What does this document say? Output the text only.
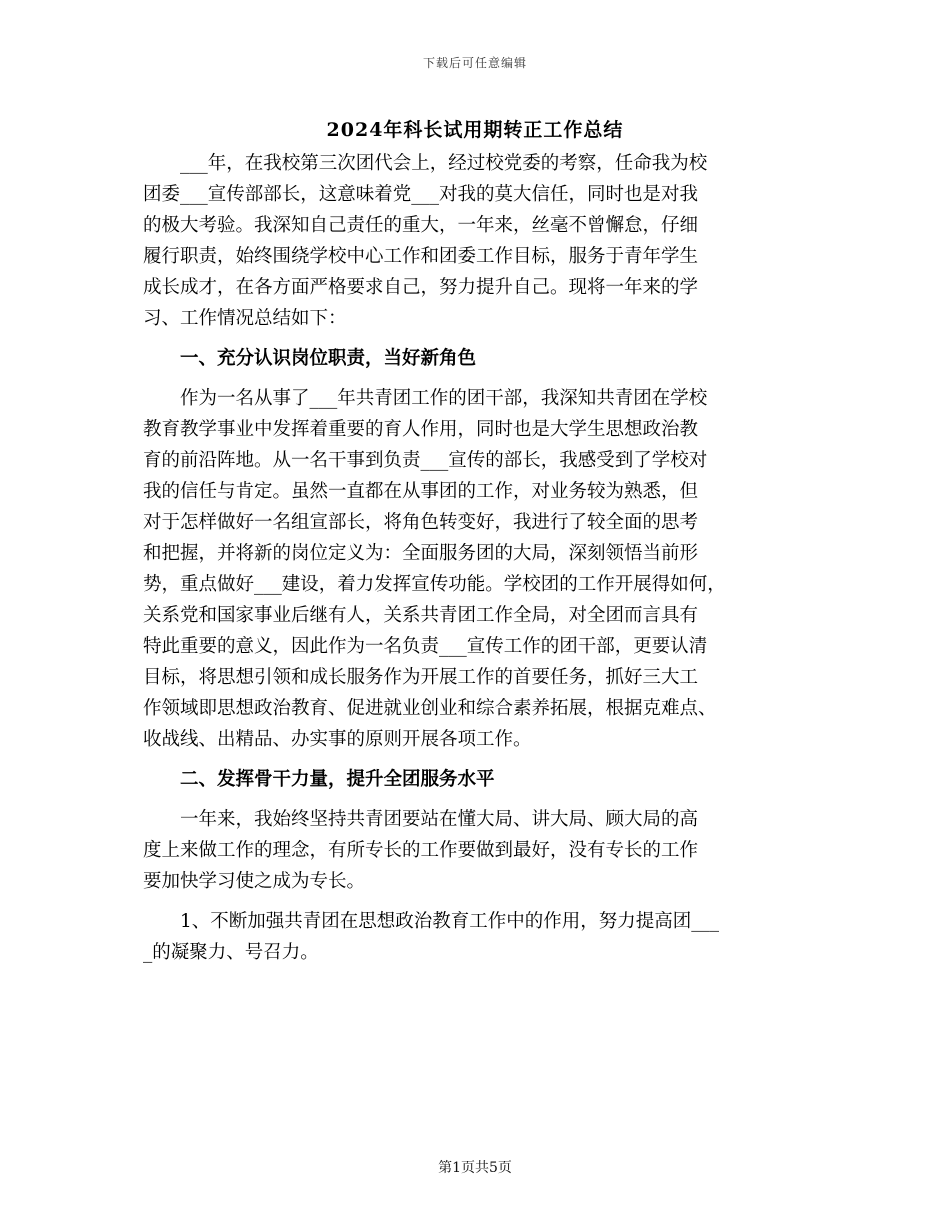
下载后可任意编辑
2024年科长试用期转正工作总结
　　___年，在我校第三次团代会上，经过校党委的考察，任命我为校
团委___宣传部部长，这意味着党___对我的莫大信任，同时也是对我
的极大考验。我深知自己责任的重大，一年来，丝毫不曾懈怠，仔细
履行职责，始终围绕学校中心工作和团委工作目标，服务于青年学生
成长成才，在各方面严格要求自己，努力提升自己。现将一年来的学
习、工作情况总结如下：
　　一、充分认识岗位职责，当好新角色
　　作为一名从事了___年共青团工作的团干部，我深知共青团在学校
教育教学事业中发挥着重要的育人作用，同时也是大学生思想政治教
育的前沿阵地。从一名干事到负责___宣传的部长，我感受到了学校对
我的信任与肯定。虽然一直都在从事团的工作，对业务较为熟悉，但
对于怎样做好一名组宣部长，将角色转变好，我进行了较全面的思考
和把握，并将新的岗位定义为：全面服务团的大局，深刻领悟当前形
势，重点做好___建设，着力发挥宣传功能。学校团的工作开展得如何，
关系党和国家事业后继有人，关系共青团工作全局，对全团而言具有
特此重要的意义，因此作为一名负责___宣传工作的团干部，更要认清
目标，将思想引领和成长服务作为开展工作的首要任务，抓好三大工
作领域即思想政治教育、促进就业创业和综合素养拓展，根据克难点、
收战线、出精品、办实事的原则开展各项工作。
　　二、发挥骨干力量，提升全团服务水平
　　一年来，我始终坚持共青团要站在懂大局、讲大局、顾大局的高
度上来做工作的理念，有所专长的工作要做到最好，没有专长的工作
要加快学习使之成为专长。
　　1、不断加强共青团在思想政治教育工作中的作用，努力提高团___
_的凝聚力、号召力。
第1页共5页
